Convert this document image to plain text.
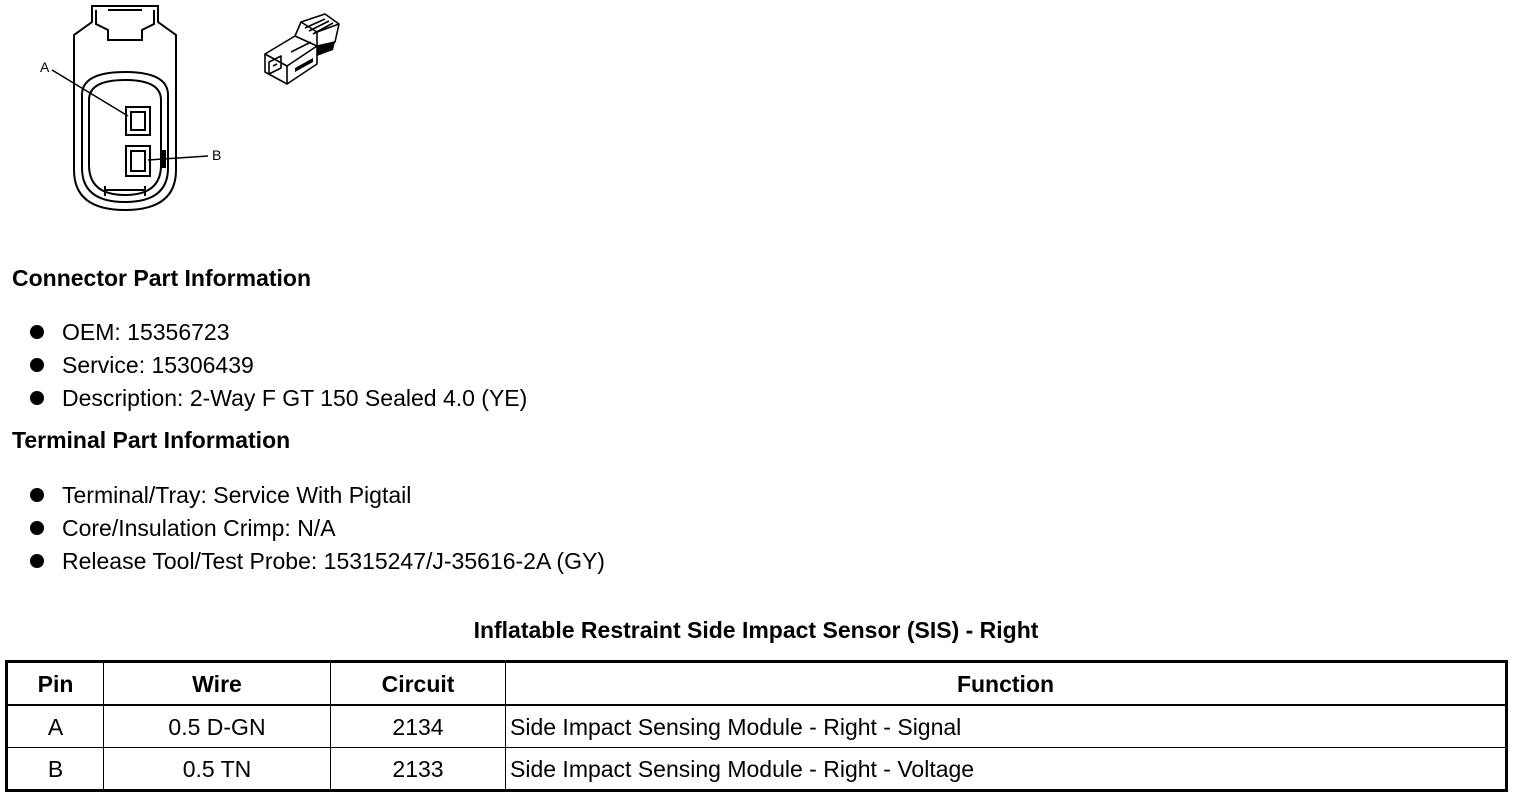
A
B
Connector Part Information
OEM: 15356723
Service: 15306439
Description: 2-Way F GT 150 Sealed 4.0 (YE)
Terminal Part Information
Terminal/Tray: Service With Pigtail
Core/Insulation Crimp: N/A
Release Tool/Test Probe: 15315247/J-35616-2A (GY)
Inflatable Restraint Side Impact Sensor (SIS) - Right
Pin	Wire	Circuit	Function
A	0.5 D-GN	2134	Side Impact Sensing Module - Right - Signal
B	0.5 TN	2133	Side Impact Sensing Module - Right - Voltage
